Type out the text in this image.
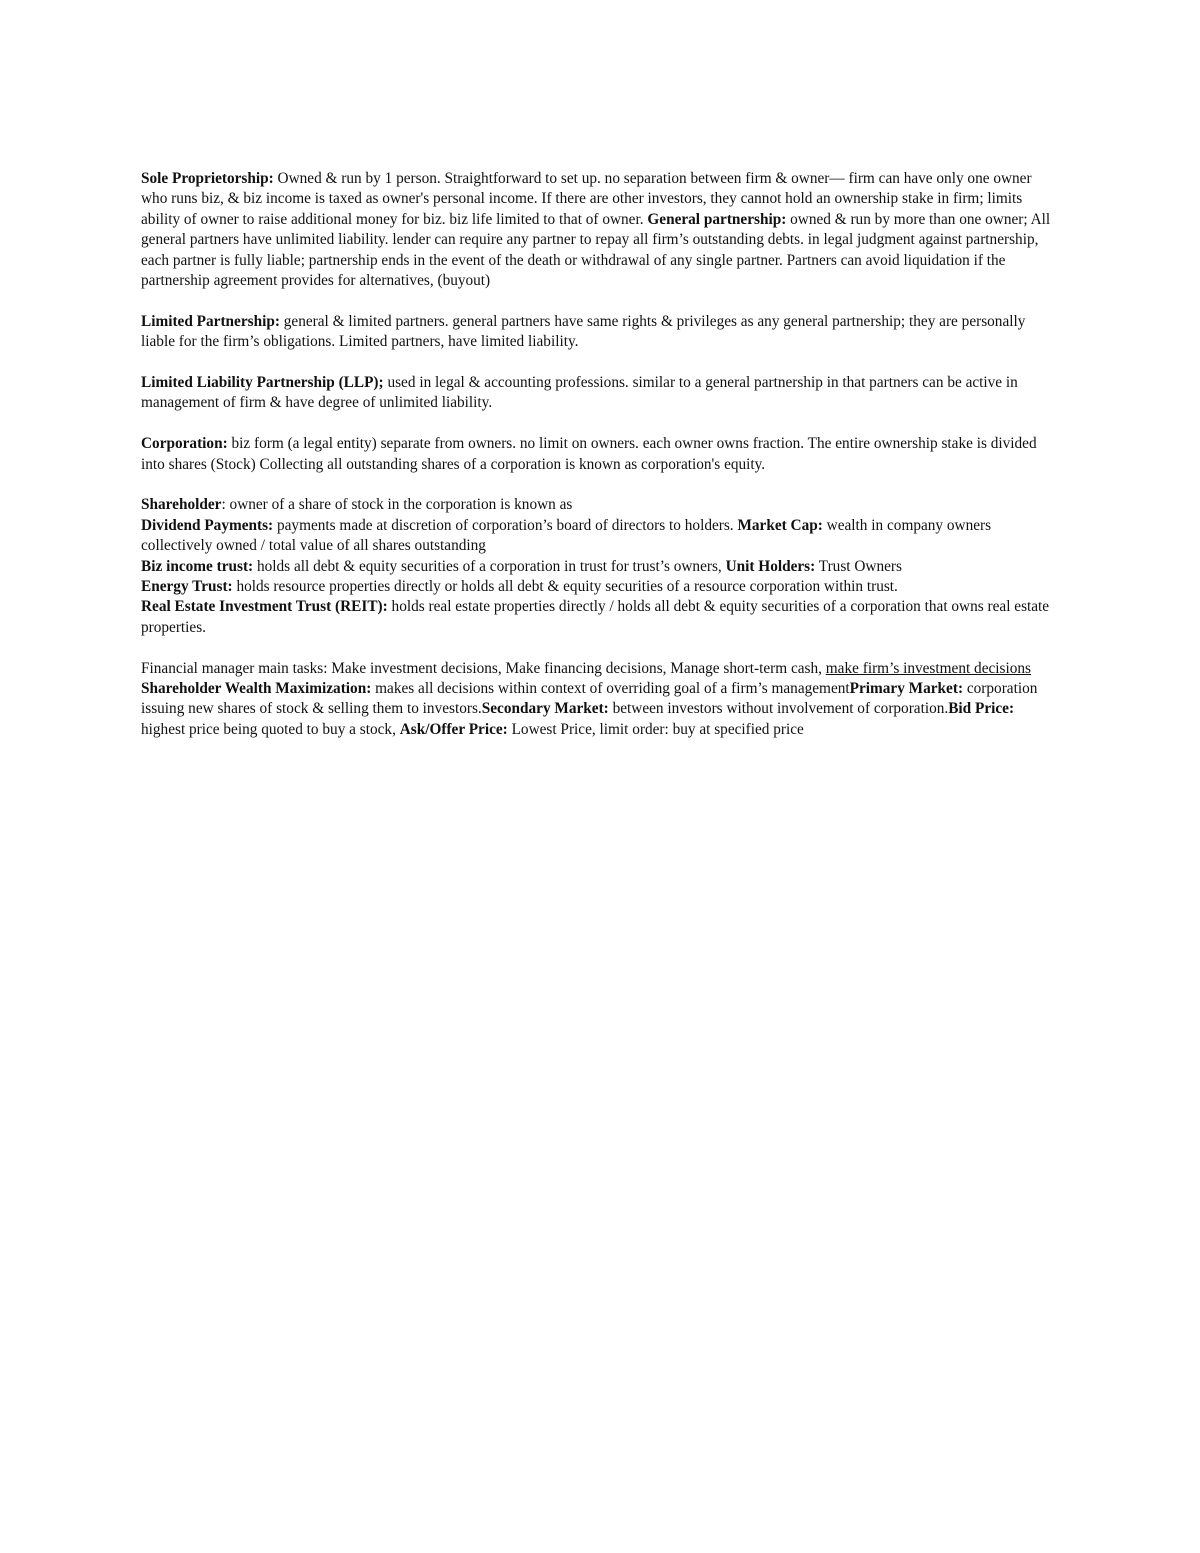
Sole Proprietorship: Owned & run by 1 person. Straightforward to set up. no separation between firm & owner— firm can have only one owner who runs biz, & biz income is taxed as owner's personal income. If there are other investors, they cannot hold an ownership stake in firm; limits ability of owner to raise additional money for biz. biz life limited to that of owner. General partnership: owned & run by more than one owner; All general partners have unlimited liability. lender can require any partner to repay all firm’s outstanding debts. in legal judgment against partnership, each partner is fully liable; partnership ends in the event of the death or withdrawal of any single partner. Partners can avoid liquidation if the partnership agreement provides for alternatives, (buyout)

Limited Partnership: general & limited partners. general partners have same rights & privileges as any general partnership; they are personally liable for the firm’s obligations. Limited partners, have limited liability.

Limited Liability Partnership (LLP); used in legal & accounting professions. similar to a general partnership in that partners can be active in management of firm & have degree of unlimited liability.

Corporation: biz form (a legal entity) separate from owners. no limit on owners. each owner owns fraction. The entire ownership stake is divided into shares (Stock) Collecting all outstanding shares of a corporation is known as corporation's equity.

Shareholder: owner of a share of stock in the corporation is known as
Dividend Payments: payments made at discretion of corporation’s board of directors to holders. Market Cap: wealth in company owners collectively owned / total value of all shares outstanding
Biz income trust: holds all debt & equity securities of a corporation in trust for trust’s owners, Unit Holders: Trust Owners
Energy Trust: holds resource properties directly or holds all debt & equity securities of a resource corporation within trust.
Real Estate Investment Trust (REIT): holds real estate properties directly / holds all debt & equity securities of a corporation that owns real estate properties.

Financial manager main tasks: Make investment decisions, Make financing decisions, Manage short-term cash, make firm’s investment decisions Shareholder Wealth Maximization: makes all decisions within context of overriding goal of a firm’s managementPrimary Market: corporation issuing new shares of stock & selling them to investors.Secondary Market: between investors without involvement of corporation.Bid Price: highest price being quoted to buy a stock, Ask/Offer Price: Lowest Price, limit order: buy at specified price
